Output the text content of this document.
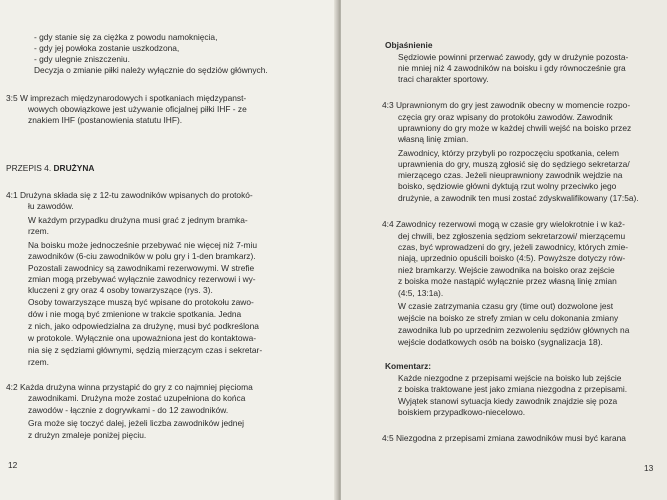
- gdy stanie się za ciężka z powodu namoknięcia,
- gdy jej powłoka zostanie uszkodzona,
- gdy ulegnie zniszczeniu.
Decyzja o zmianie piłki należy wyłącznie do sędziów głównych.
3:5 W imprezach międzynarodowych i spotkaniach międzypanst-
wowych obowiązkowe jest używanie oficjalnej piłki IHF - ze
znakiem IHF (postanowienia statutu IHF).
PRZEPIS 4. DRUŻYNA
4:1 Drużyna składa się z 12-tu zawodników wpisanych do protokó-
łu zawodów.
W każdym przypadku drużyna musi grać z jednym bramka-
rzem.
Na boisku może jednocześnie przebywać nie więcej niż 7-miu
zawodników (6-ciu zawodników w polu gry i 1-den bramkarz).
Pozostali zawodnicy są zawodnikami rezerwowymi. W strefie
zmian mogą przebywać wyłącznie zawodnicy rezerwowi i wy-
kluczeni z gry oraz 4 osoby towarzyszące (rys. 3).
Osoby towarzyszące muszą być wpisane do protokołu zawo-
dów i nie mogą być zmienione w trakcie spotkania. Jedna
z nich, jako odpowiedzialna za drużynę, musi być podkreślona
w protokole. Wyłącznie ona upoważniona jest do kontaktowa-
nia się z sędziami głównymi, sędzią mierzącym czas i sekretar-
rzem.
4:2 Każda drużyna winna przystąpić do gry z co najmniej pięcioma
zawodnikami. Drużyna może zostać uzupełniona do końca
zawodów - łącznie z dogrywkami - do 12 zawodników.
Gra może się toczyć dalej, jeżeli liczba zawodników jednej
z drużyn zmaleje poniżej pięciu.
12
Objaśnienie
Sędziowie powinni przerwać zawody, gdy w drużynie pozosta-
nie mniej niż 4 zawodników na boisku i gdy równocześnie gra
traci charakter sportowy.
4:3 Uprawnionym do gry jest zawodnik obecny w momencie rozpo-
częcia gry oraz wpisany do protokółu zawodów. Zawodnik
uprawniony do gry może w każdej chwili wejść na boisko przez
własną linię zmian.
Zawodnicy, którzy przybyli po rozpoczęciu spotkania, celem
uprawnienia do gry, muszą zgłosić się do sędziego sekretarza/
mierzącego czas. Jeżeli nieuprawniony zawodnik wejdzie na
boisko, sędziowie główni dyktują rzut wolny przeciwko jego
drużynie, a zawodnik ten musi zostać zdyskwalifikowany (17:5a).
4:4 Zawodnicy rezerwowi mogą w czasie gry wielokrotnie i w każ-
dej chwili, bez zgłoszenia sędziom sekretarzowi/ mierzącemu
czas, być wprowadzeni do gry, jeżeli zawodnicy, których zmie-
niają, uprzednio opuścili boisko (4:5). Powyższe dotyczy rów-
nież bramkarzy. Wejście zawodnika na boisko oraz zejście
z boiska może nastąpić wyłącznie przez własną linię zmian
(4:5, 13:1a).
W czasie zatrzymania czasu gry (time out) dozwolone jest
wejście na boisko ze strefy zmian w celu dokonania zmiany
zawodnika lub po uprzednim zezwoleniu sędziów głównych na
wejście dodatkowych osób na boisko (sygnalizacja 18).
Komentarz:
Każde niezgodne z przepisami wejście na boisko lub zejście
z boiska traktowane jest jako zmiana niezgodna z przepisami.
Wyjątek stanowi sytuacja kiedy zawodnik znajdzie się poza
boiskiem przypadkowo-niecelowo.
4:5 Niezgodna z przepisami zmiana zawodników musi być karana
13
